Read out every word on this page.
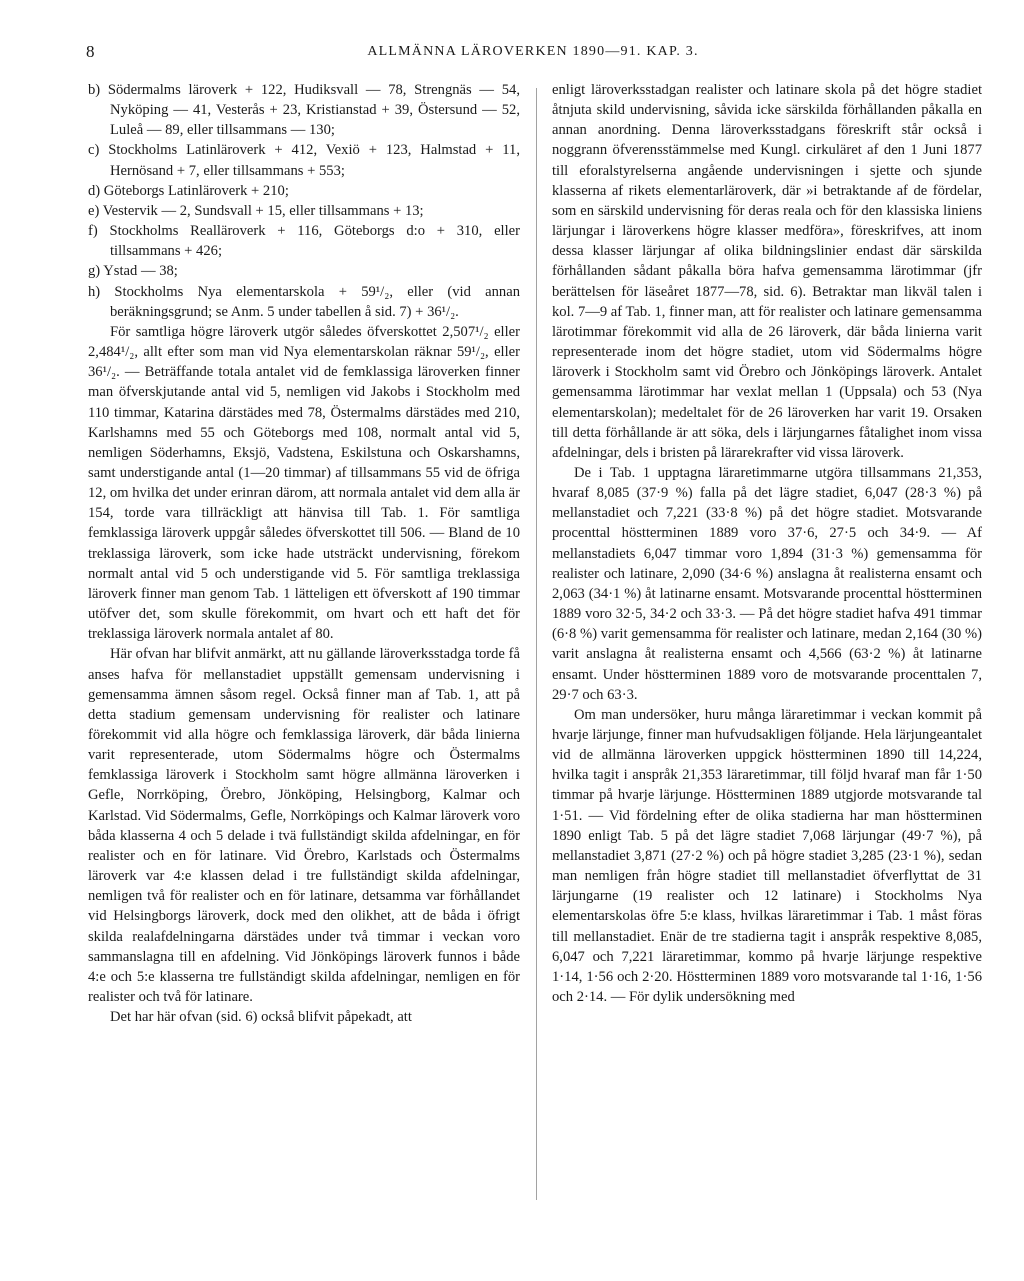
8	ALLMÄNNA LÄROVERKEN 1890—91. KAP. 3.

b) Södermalms läroverk + 122, Hudiksvall — 78, Strengnäs — 54, Nyköping — 41, Vesterås + 23, Kristianstad + 39, Östersund — 52, Luleå — 89, eller tillsammans — 130;

c) Stockholms Latinläroverk + 412, Vexiö + 123, Halmstad + 11, Hernösand + 7, eller tillsammans + 553;

d) Göteborgs Latinläroverk + 210;

e) Vestervik — 2, Sundsvall + 15, eller tillsammans + 13;

f) Stockholms Realläroverk + 116, Göteborgs d:o + 310, eller tillsammans + 426;

g) Ystad — 38;

h) Stockholms Nya elementarskola + 59¹/₂, eller (vid annan beräkningsgrund; se Anm. 5 under tabellen å sid. 7) + 36¹/₂.

För samtliga högre läroverk utgör således öfverskottet 2,507¹/₂ eller 2,484¹/₂, allt efter som man vid Nya elementarskolan räknar 59¹/₂, eller 36¹/₂. — Beträffande totala antalet vid de femklassiga läroverken finner man öfverskjutande antal vid 5, nemligen vid Jakobs i Stockholm med 110 timmar, Katarina därstädes med 78, Östermalms därstädes med 210, Karlshamns med 55 och Göteborgs med 108, normalt antal vid 5, nemligen Söderhamns, Eksjö, Vadstena, Eskilstuna och Oskarshamns, samt understigande antal (1—20 timmar) af tillsammans 55 vid de öfriga 12, om hvilka det under erinran därom, att normala antalet vid dem alla är 154, torde vara tillräckligt att hänvisa till Tab. 1. För samtliga femklassiga läroverk uppgår således öfverskottet till 506. — Bland de 10 treklassiga läroverk, som icke hade utsträckt undervisning, förekom normalt antal vid 5 och understigande vid 5. För samtliga treklassiga läroverk finner man genom Tab. 1 lätteligen ett öfverskott af 190 timmar utöfver det, som skulle förekommit, om hvart och ett haft det för treklassiga läroverk normala antalet af 80.

Här ofvan har blifvit anmärkt, att nu gällande läroverksstadga torde få anses hafva för mellanstadiet uppställt gemensam undervisning i gemensamma ämnen såsom regel. Också finner man af Tab. 1, att på detta stadium gemensam undervisning för realister och latinare förekommit vid alla högre och femklassiga läroverk, där båda linierna varit representerade, utom Södermalms högre och Östermalms femklassiga läroverk i Stockholm samt högre allmänna läroverken i Gefle, Norrköping, Örebro, Jönköping, Helsingborg, Kalmar och Karlstad. Vid Södermalms, Gefle, Norrköpings och Kalmar läroverk voro båda klasserna 4 och 5 delade i tvä fullständigt skilda afdelningar, en för realister och en för latinare. Vid Örebro, Karlstads och Östermalms läroverk var 4:e klassen delad i tre fullständigt skilda afdelningar, nemligen två för realister och en för latinare, detsamma var förhållandet vid Helsingborgs läroverk, dock med den olikhet, att de båda i öfrigt skilda realafdelningarna därstädes under två timmar i veckan voro sammanslagna till en afdelning. Vid Jönköpings läroverk funnos i både 4:e och 5:e klasserna tre fullständigt skilda afdelningar, nemligen en för realister och två för latinare.

Det har här ofvan (sid. 6) också blifvit påpekadt, att

enligt läroverksstadgan realister och latinare skola på det högre stadiet åtnjuta skild undervisning, såvida icke särskilda förhållanden påkalla en annan anordning. Denna läroverksstadgans föreskrift står också i noggrann öfverensstämmelse med Kungl. cirkuläret af den 1 Juni 1877 till eforalstyrelserna angående undervisningen i sjette och sjunde klasserna af rikets elementarläroverk, där »i betraktande af de fördelar, som en särskild undervisning för deras reala och för den klassiska liniens lärjungar i läroverkens högre klasser medföra», föreskrifves, att inom dessa klasser lärjungar af olika bildningslinier endast där särskilda förhållanden sådant påkalla böra hafva gemensamma lärotimmar (jfr berättelsen för läseåret 1877—78, sid. 6). Betraktar man likväl talen i kol. 7—9 af Tab. 1, finner man, att för realister och latinare gemensamma lärotimmar förekommit vid alla de 26 läroverk, där båda linierna varit representerade inom det högre stadiet, utom vid Södermalms högre läroverk i Stockholm samt vid Örebro och Jönköpings läroverk. Antalet gemensamma lärotimmar har vexlat mellan 1 (Uppsala) och 53 (Nya elementarskolan); medeltalet för de 26 läroverken har varit 19. Orsaken till detta förhållande är att söka, dels i lärjungarnes fåtalighet inom vissa afdelningar, dels i bristen på lärarekrafter vid vissa läroverk.

De i Tab. 1 upptagna läraretimmarne utgöra tillsammans 21,353, hvaraf 8,085 (37·9 %) falla på det lägre stadiet, 6,047 (28·3 %) på mellanstadiet och 7,221 (33·8 %) på det högre stadiet. Motsvarande procenttal höstterminen 1889 voro 37·6, 27·5 och 34·9. — Af mellanstadiets 6,047 timmar voro 1,894 (31·3 %) gemensamma för realister och latinare, 2,090 (34·6 %) anslagna åt realisterna ensamt och 2,063 (34·1 %) åt latinarne ensamt. Motsvarande procenttal höstterminen 1889 voro 32·5, 34·2 och 33·3. — På det högre stadiet hafva 491 timmar (6·8 %) varit gemensamma för realister och latinare, medan 2,164 (30 %) varit anslagna åt realisterna ensamt och 4,566 (63·2 %) åt latinarne ensamt. Under höstterminen 1889 voro de motsvarande procenttalen 7, 29·7 och 63·3.

Om man undersöker, huru många läraretimmar i veckan kommit på hvarje lärjunge, finner man hufvudsakligen följande. Hela lärjungeantalet vid de allmänna läroverken uppgick höstterminen 1890 till 14,224, hvilka tagit i anspråk 21,353 läraretimmar, till följd hvaraf man får 1·50 timmar på hvarje lärjunge. Höstterminen 1889 utgjorde motsvarande tal 1·51. — Vid fördelning efter de olika stadierna har man höstterminen 1890 enligt Tab. 5 på det lägre stadiet 7,068 lärjungar (49·7 %), på mellanstadiet 3,871 (27·2 %) och på högre stadiet 3,285 (23·1 %), sedan man nemligen från högre stadiet till mellanstadiet öfverflyttat de 31 lärjungarne (19 realister och 12 latinare) i Stockholms Nya elementarskolas öfre 5:e klass, hvilkas läraretimmar i Tab. 1 måst föras till mellanstadiet. Enär de tre stadierna tagit i anspråk respektive 8,085, 6,047 och 7,221 läraretimmar, kommo på hvarje lärjunge respektive 1·14, 1·56 och 2·20. Höstterminen 1889 voro motsvarande tal 1·16, 1·56 och 2·14. — För dylik undersökning med
